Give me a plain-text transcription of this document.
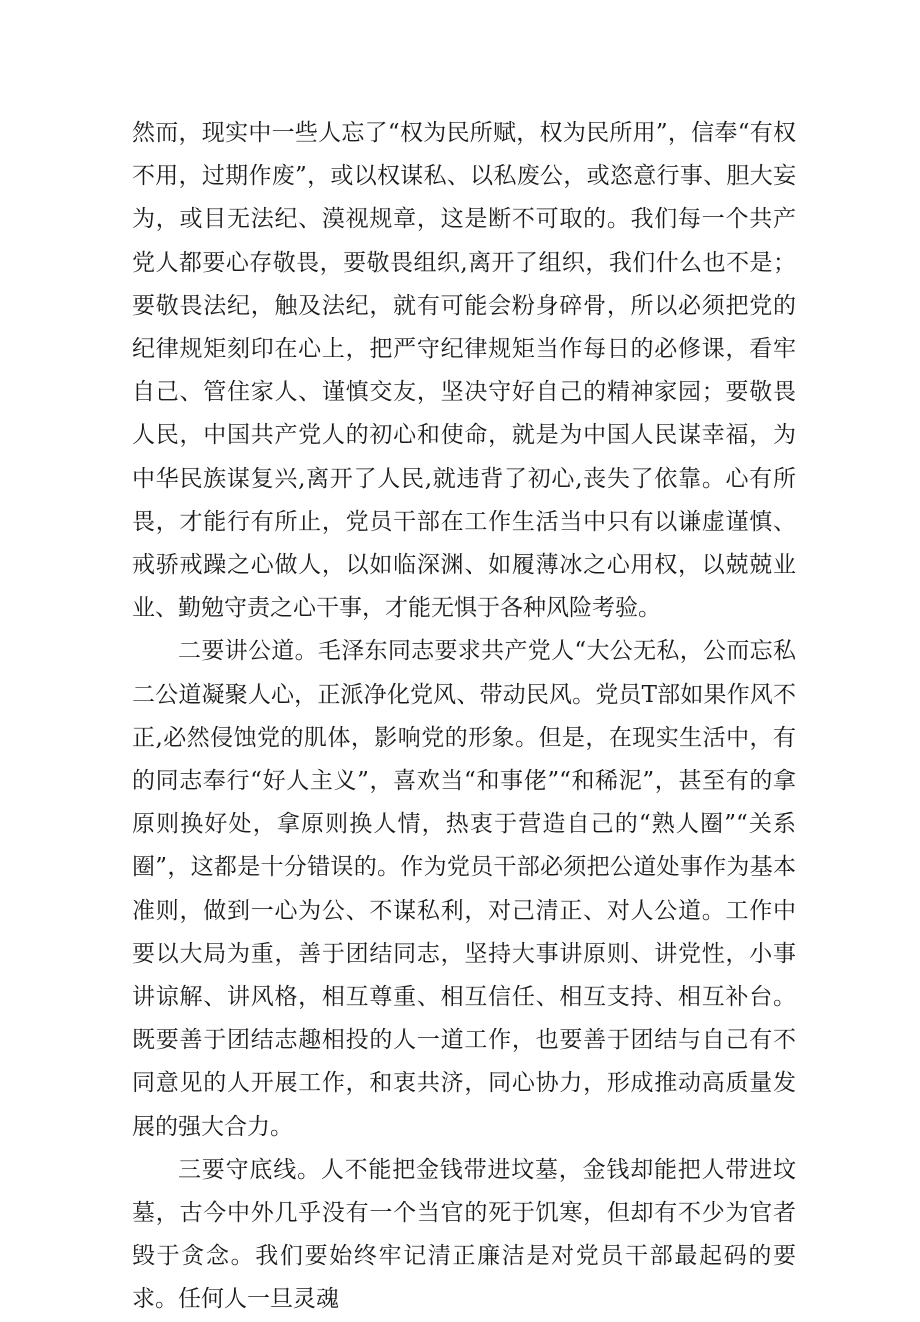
然而，现实中一些人忘了“权为民所赋，权为民所用”，信奉“有权不用，过期作废”，或以权谋私、以私废公，或恣意行事、胆大妄为，或目无法纪、漠视规章，这是断不可取的。我们每一个共产党人都要心存敬畏，要敬畏组织,离开了组织，我们什么也不是；要敬畏法纪，触及法纪，就有可能会粉身碎骨，所以必须把党的纪律规矩刻印在心上，把严守纪律规矩当作每日的必修课，看牢自己、管住家人、谨慎交友，坚决守好自己的精神家园；要敬畏人民，中国共产党人的初心和使命，就是为中国人民谋幸福，为中华民族谋复兴,离开了人民,就违背了初心,丧失了依靠。心有所畏，才能行有所止，党员干部在工作生活当中只有以谦虚谨慎、戒骄戒躁之心做人，以如临深渊、如履薄冰之心用权，以兢兢业业、勤勉守责之心干事，才能无惧于各种风险考验。

二要讲公道。毛泽东同志要求共产党人“大公无私，公而忘私二公道凝聚人心，正派净化党风、带动民风。党员T部如果作风不正,必然侵蚀党的肌体，影响党的形象。但是，在现实生活中，有的同志奉行“好人主义”，喜欢当“和事佬”“和稀泥”，甚至有的拿原则换好处，拿原则换人情，热衷于营造自己的“熟人圈”“关系圈”，这都是十分错误的。作为党员干部必须把公道处事作为基本准则，做到一心为公、不谋私利，对己清正、对人公道。工作中要以大局为重，善于团结同志，坚持大事讲原则、讲党性，小事讲谅解、讲风格，相互尊重、相互信任、相互支持、相互补台。既要善于团结志趣相投的人一道工作，也要善于团结与自己有不同意见的人开展工作，和衷共济，同心协力，形成推动高质量发展的强大合力。

三要守底线。人不能把金钱带进坟墓，金钱却能把人带进坟墓，古今中外几乎没有一个当官的死于饥寒，但却有不少为官者毁于贪念。我们要始终牢记清正廉洁是对党员干部最起码的要求。任何人一旦灵魂
